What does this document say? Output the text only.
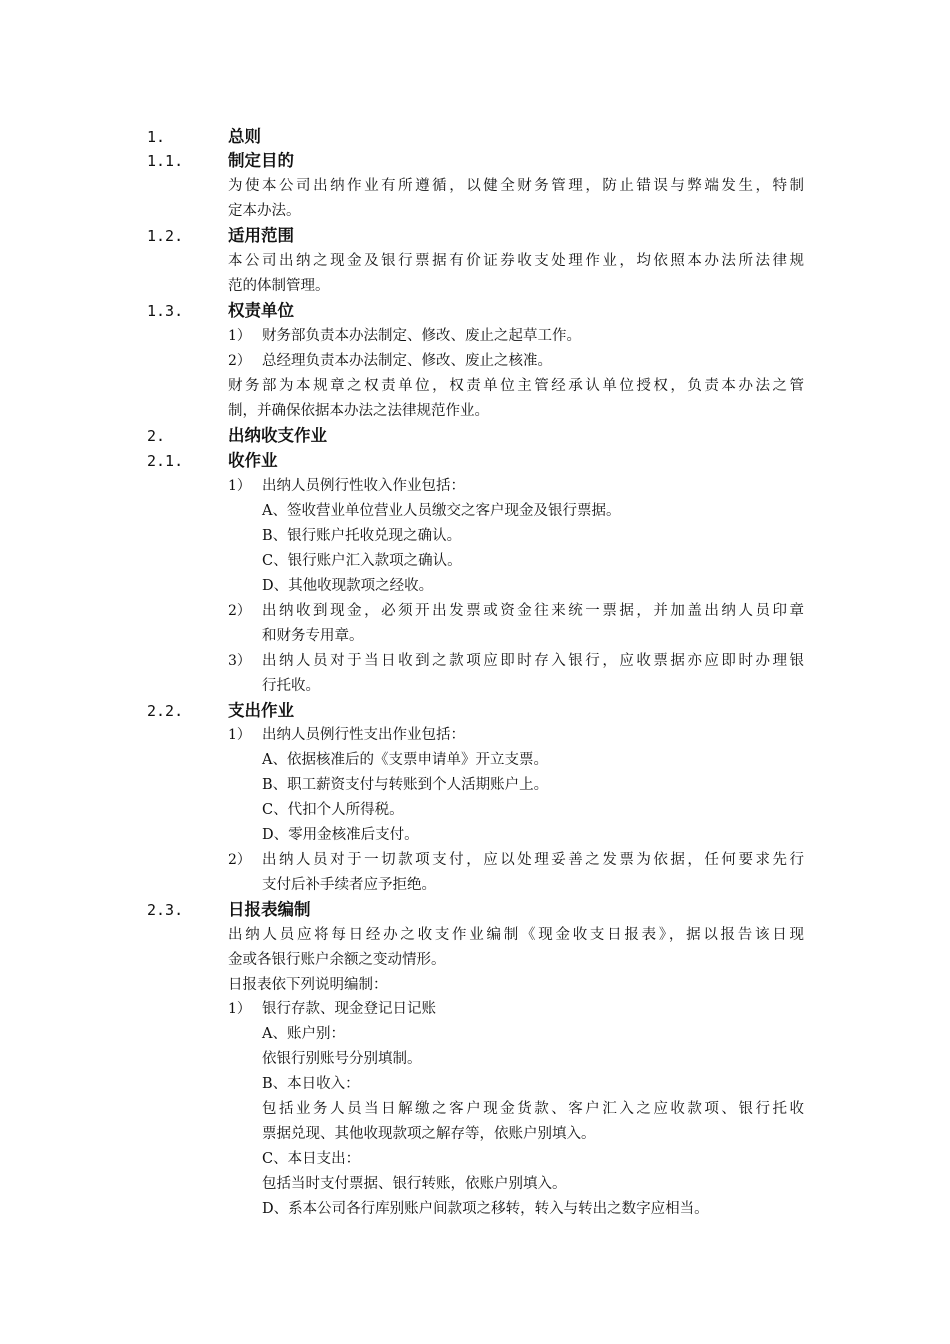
1.	总则
1.1.	制定目的
为使本公司出纳作业有所遵循，以健全财务管理，防止错误与弊端发生，特制
定本办法。
1.2.	适用范围
本公司出纳之现金及银行票据有价证券收支处理作业，均依照本办法所法律规
范的体制管理。
1.3.	权责单位
1） 财务部负责本办法制定、修改、废止之起草工作。
2） 总经理负责本办法制定、修改、废止之核准。
财务部为本规章之权责单位，权责单位主管经承认单位授权，负责本办法之管
制，并确保依据本办法之法律规范作业。
2.	出纳收支作业
2.1.	收作业
1） 出纳人员例行性收入作业包括：
A、签收营业单位营业人员缴交之客户现金及银行票据。
B、银行账户托收兑现之确认。
C、银行账户汇入款项之确认。
D、其他收现款项之经收。
2） 出纳收到现金，必须开出发票或资金往来统一票据，并加盖出纳人员印章
和财务专用章。
3） 出纳人员对于当日收到之款项应即时存入银行，应收票据亦应即时办理银
行托收。
2.2.	支出作业
1） 出纳人员例行性支出作业包括：
A、依据核准后的《支票申请单》开立支票。
B、职工薪资支付与转账到个人活期账户上。
C、代扣个人所得税。
D、零用金核准后支付。
2） 出纳人员对于一切款项支付，应以处理妥善之发票为依据，任何要求先行
支付后补手续者应予拒绝。
2.3.	日报表编制
出纳人员应将每日经办之收支作业编制《现金收支日报表》，据以报告该日现
金或各银行账户余额之变动情形。
日报表依下列说明编制：
1） 银行存款、现金登记日记账
A、账户别：
依银行别账号分别填制。
B、本日收入：
包括业务人员当日解缴之客户现金货款、客户汇入之应收款项、银行托收
票据兑现、其他收现款项之解存等，依账户别填入。
C、本日支出：
包括当时支付票据、银行转账，依账户别填入。
D、系本公司各行库别账户间款项之移转，转入与转出之数字应相当。
